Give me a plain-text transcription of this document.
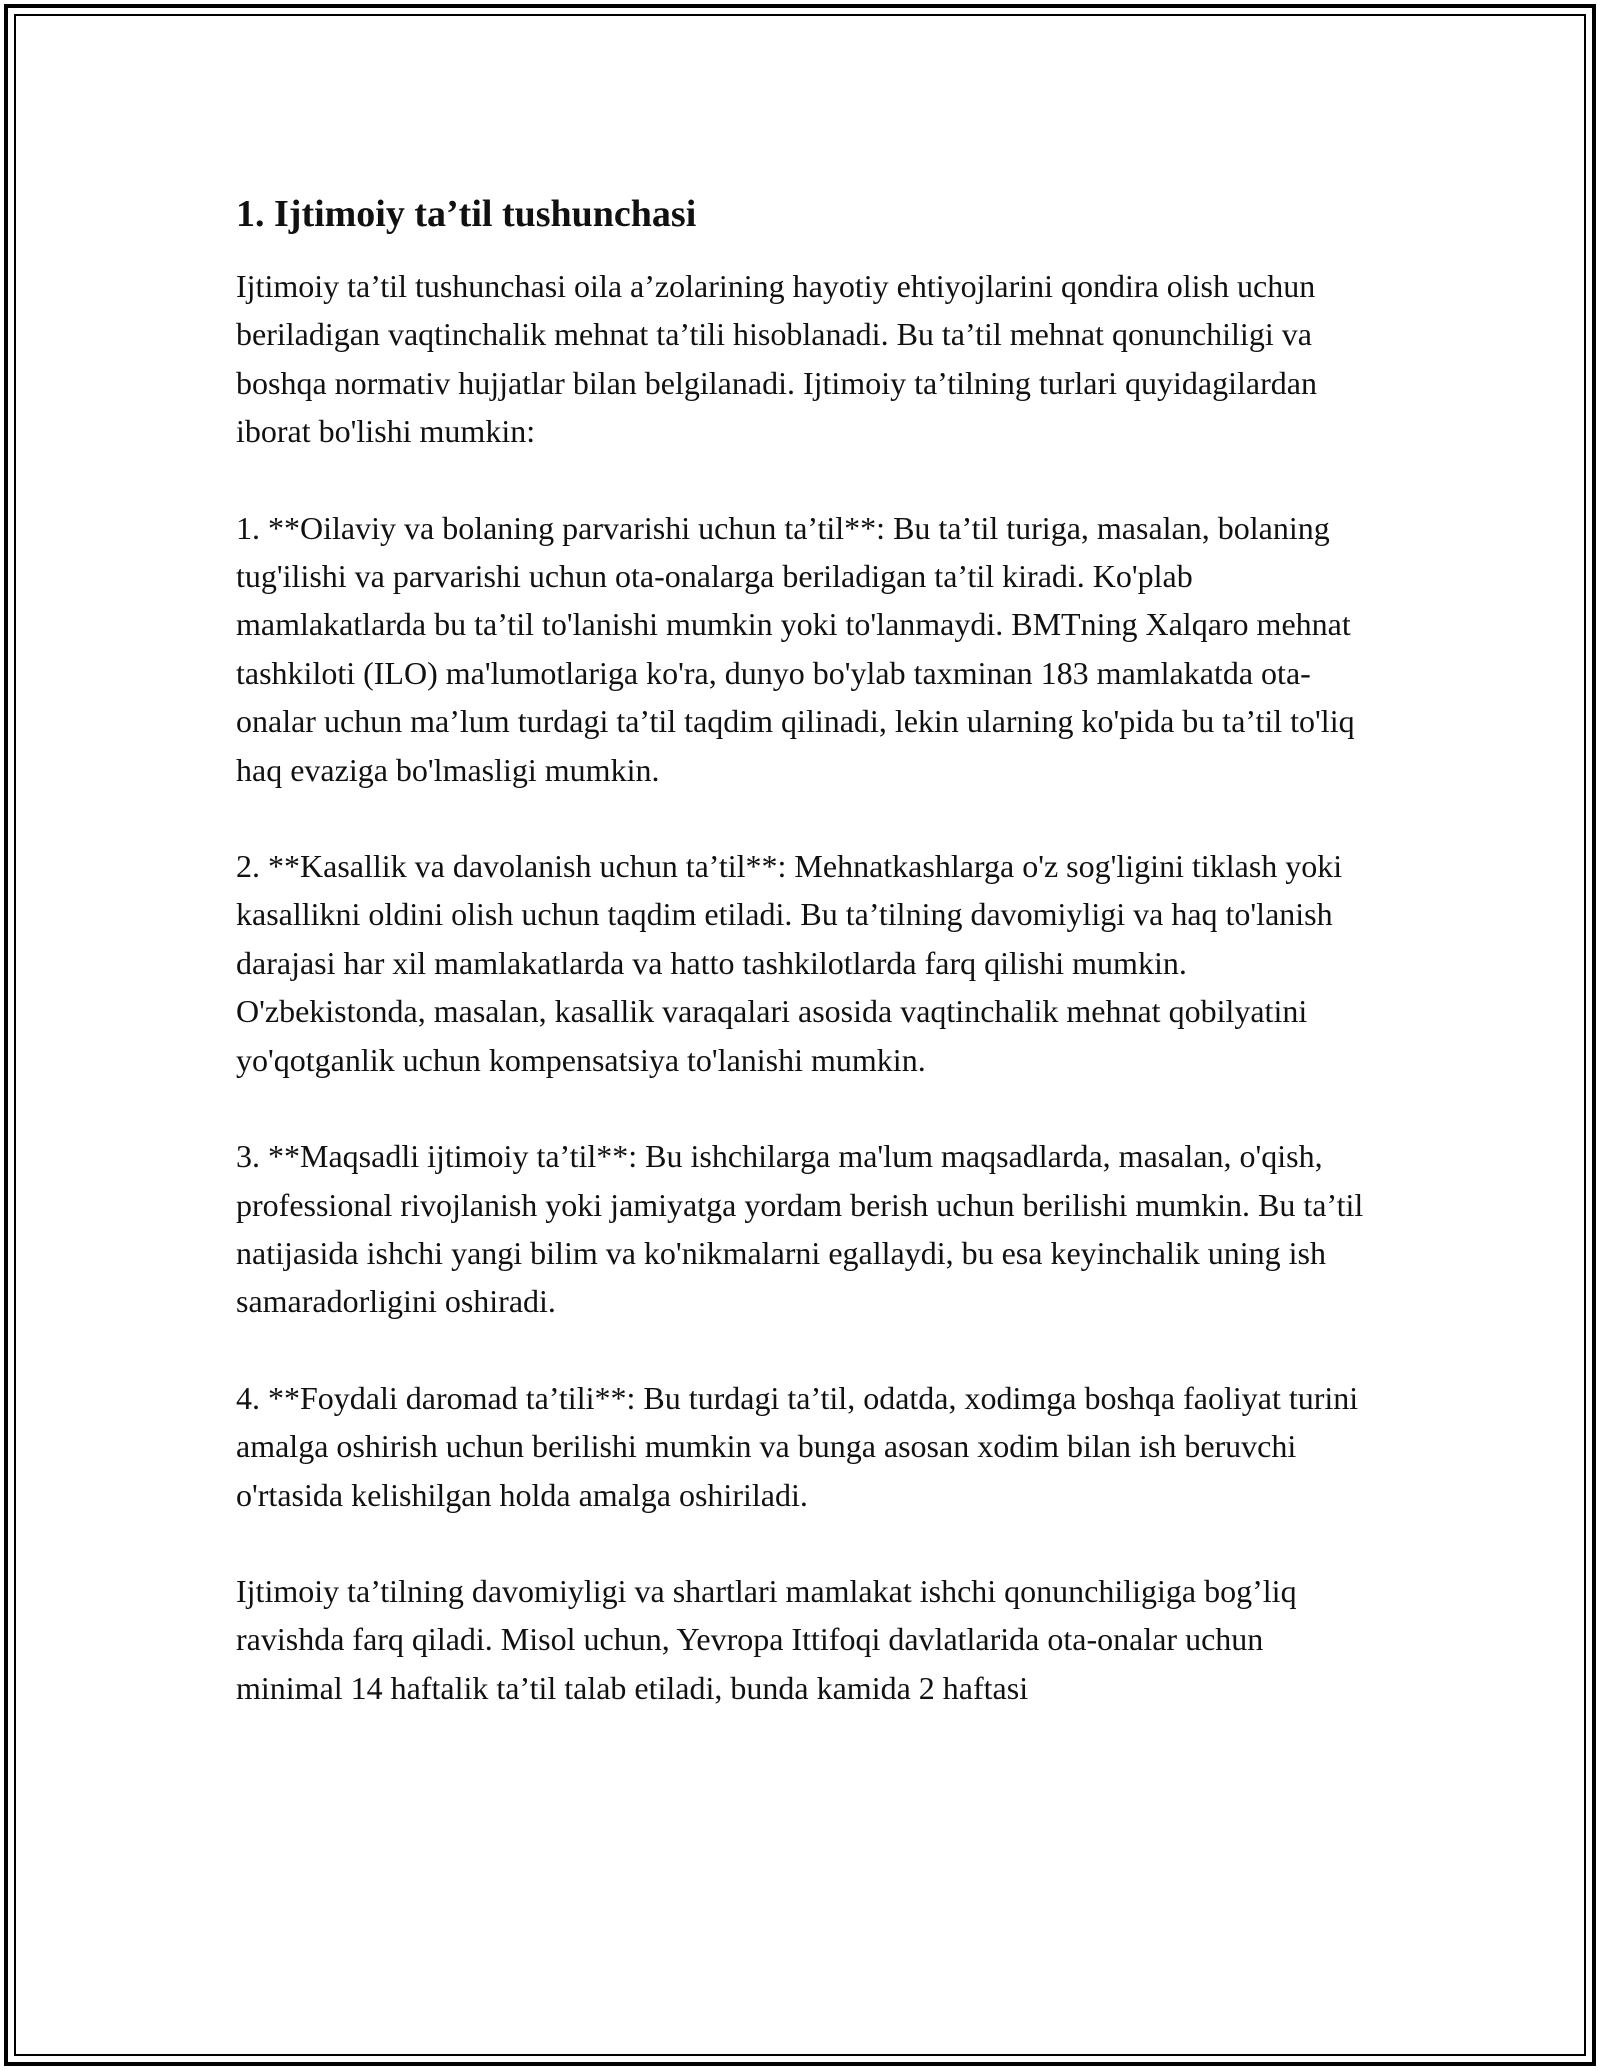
1. Ijtimoiy ta’til tushunchasi

Ijtimoiy ta’til tushunchasi oila a’zolarining hayotiy ehtiyojlarini qondira olish uchun beriladigan vaqtinchalik mehnat ta’tili hisoblanadi. Bu ta’til mehnat qonunchiligi va boshqa normativ hujjatlar bilan belgilanadi. Ijtimoiy ta’tilning turlari quyidagilardan iborat bo'lishi mumkin:

1. **Oilaviy va bolaning parvarishi uchun ta’til**: Bu ta’til turiga, masalan, bolaning tug'ilishi va parvarishi uchun ota-onalarga beriladigan ta’til kiradi. Ko'plab mamlakatlarda bu ta’til to'lanishi mumkin yoki to'lanmaydi. BMTning Xalqaro mehnat tashkiloti (ILO) ma'lumotlariga ko'ra, dunyo bo'ylab taxminan 183 mamlakatda ota-onalar uchun ma’lum turdagi ta’til taqdim qilinadi, lekin ularning ko'pida bu ta’til to'liq haq evaziga bo'lmasligi mumkin.

2. **Kasallik va davolanish uchun ta’til**: Mehnatkashlarga o'z sog'ligini tiklash yoki kasallikni oldini olish uchun taqdim etiladi. Bu ta’tilning davomiyligi va haq to'lanish darajasi har xil mamlakatlarda va hatto tashkilotlarda farq qilishi mumkin. O'zbekistonda, masalan, kasallik varaqalari asosida vaqtinchalik mehnat qobilyatini yo'qotganlik uchun kompensatsiya to'lanishi mumkin.

3. **Maqsadli ijtimoiy ta’til**: Bu ishchilarga ma'lum maqsadlarda, masalan, o'qish, professional rivojlanish yoki jamiyatga yordam berish uchun berilishi mumkin. Bu ta’til natijasida ishchi yangi bilim va ko'nikmalarni egallaydi, bu esa keyinchalik uning ish samaradorligini oshiradi.

4. **Foydali daromad ta’tili**: Bu turdagi ta’til, odatda, xodimga boshqa faoliyat turini amalga oshirish uchun berilishi mumkin va bunga asosan xodim bilan ish beruvchi o'rtasida kelishilgan holda amalga oshiriladi.

Ijtimoiy ta’tilning davomiyligi va shartlari mamlakat ishchi qonunchiligiga bog’liq ravishda farq qiladi. Misol uchun, Yevropa Ittifoqi davlatlarida ota-onalar uchun minimal 14 haftalik ta’til talab etiladi, bunda kamida 2 haftasi
